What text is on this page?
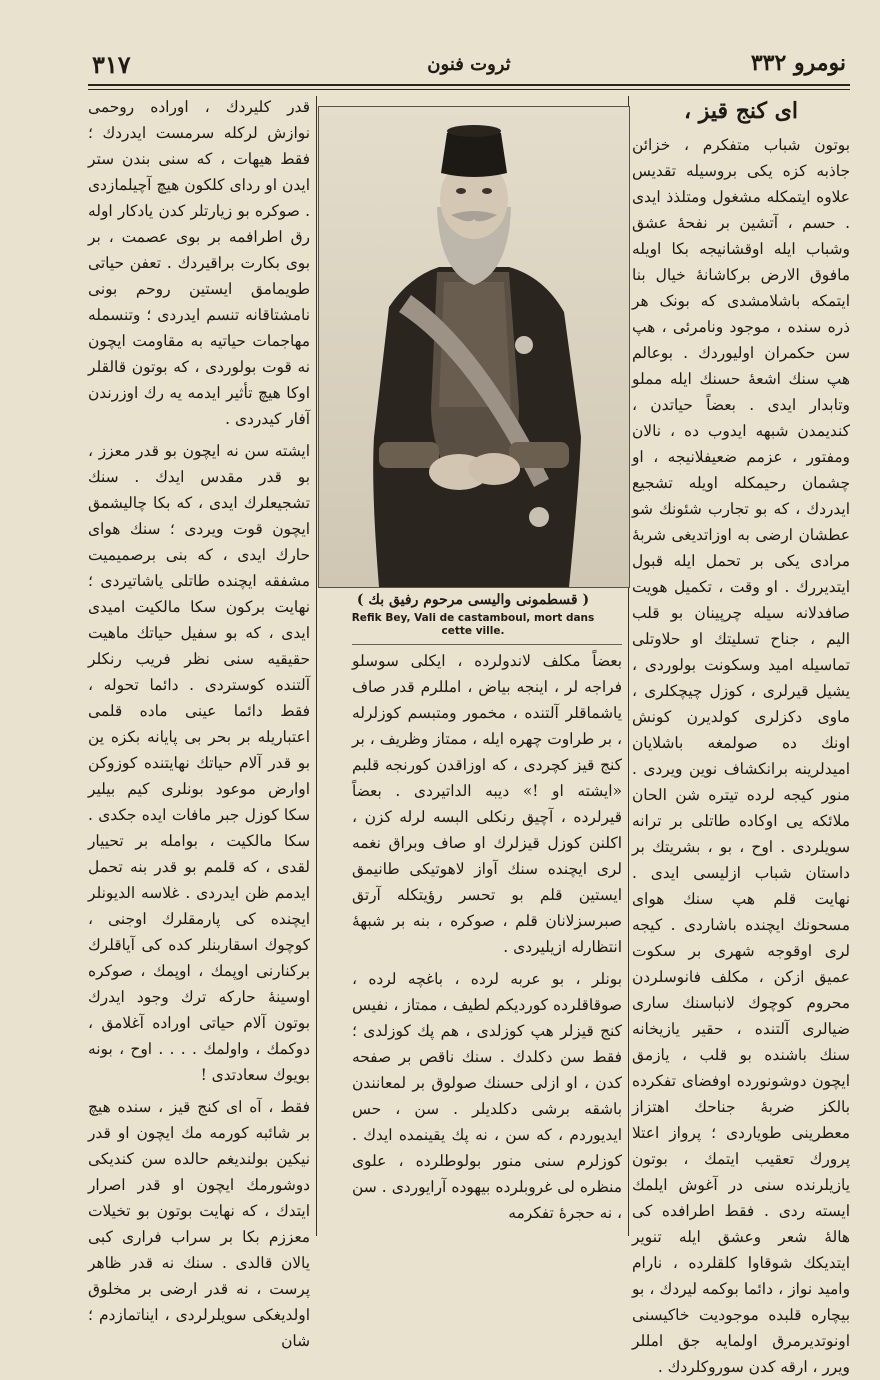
نومرو ۳۳۲
ثروت فنون
۳۱۷
ای کنج قیز ،

بوتون شباب متفکرم ، خزائن جاذبه کزه یکی بروسیله تقدیس علاوه ایتمکله مشغول ومتلذذ ایدی . حسم ، آتشین بر نفحهٔ عشق وشباب ایله اوقشانیجه بکا اویله مافوق الارض برکاشانهٔ خیال بنا ایتمکه باشلامشدی که بونک هر ذره سنده ، موجود ونامرئی ، هپ سن حکمران اولیوردك . بوعالم هپ سنك اشعهٔ حسنك ایله مملو وتابدار ایدی . بعضاً حیاتدن ، کندیمدن شبهه ایدوب ده ، نالان ومفتور ، عزمم ضعیفلانیجه ، او چشمان رحیمکله اویله تشجیع ایدردك ، که بو تجارب شئونك شو عطشان ارضی به اوزاتدیغی شربهٔ مرادی یکی بر تحمل ایله قبول ایتدیررك . او وقت ، تکمیل هویت صافدلانه سیله چرپینان بو قلب الیم ، جناح تسلیتك او حلاوتلی تماسیله امید وسکونت بولوردی ، یشیل قیرلری ، کوزل چیچکلری ، ماوی دکزلری کولدیرن کونش اونك ده صولمغه باشلایان امیدلرینه برانکشاف نوین ویردی . منور کیجه لرده تیتره شن الحان ملائکه یی اوکاده طاتلی بر ترانه سویلردی . اوح ، بو ، بشریتك بر داستان شباب ازلیسی ایدی . نهایت قلم هپ سنك هوای مسحونك ایچنده باشاردی . کیجه لری اوقوجه شهری بر سکوت عمیق ازکن ، مکلف فانوسلردن محروم کوچوك لانباسنك ساری ضیالری آلتنده ، حقیر یازیخانه سنك باشنده بو قلب ، یازمق ایچون دوشونورده اوفضای تفکرده بالکز ضربهٔ جناحك اهتزاز معطرینی طویاردی ؛ پرواز اعتلا پرورك تعقیب ایتمك ، بوتون یازیلرنده سنی در آغوش ایلمك ایسته ردی . فقط اطرافده کی هالهٔ شعر وعشق ایله تنویر ایتدیکك شوقاوا کلقلرده ، نارام وامید نواز ، دائما بوکمه لیردك ، بو بیچاره قلبده موجودیت خاکیسنی اونوتدیرمرق اولمایه جق امللر ویرر ، ارقه کدن سوروکلردك .

( قسطمونی والیسی مرحوم رفیق بك )
Refik Bey, Vali de castamboul, mort dans
cette ville.

بعضاً مکلف لاندولرده ، ایکلی سوسلو فراجه لر ، اینجه بیاض ، امللرم قدر صاف یاشماقلر آلتنده ، مخمور ومتبسم کوزلرله ، بر طراوت چهره ایله ، ممتاز وظریف ، بر کنج قیز کچردی ، که اوزاقدن کورنجه قلبم «ایشته او !» دیبه الداتیردی . بعضاً قیرلرده ، آچیق رنکلی البسه لرله کزن ، اکلنن کوزل قیزلرك او صاف وبراق نغمه لری ایچنده سنك آواز لاهوتیکی طانیمق ایستین قلم بو تحسر رؤیتکله آرتق صبرسزلانان قلم ، صوکره ، بنه بر شبههٔ انتظارله ازیلیردی .

بونلر ، بو عربه لرده ، باغچه لرده ، صوقاقلرده کوردیکم لطیف ، ممتاز ، نفیس کنج قیزلر هپ کوزلدی ، هم پك کوزلدی ؛ فقط سن دکلدك . سنك ناقص بر صفحه کدن ، او ازلی حسنك صولوق بر لمعانندن باشقه برشی دکلدیلر . سن ، حس ایدیوردم ، که سن ، نه پك یقینمده ایدك . کوزلرم سنی منور بولوطلرده ، علوی منظره لی غروبلرده بیهوده آرایوردی . سن ، نه حجرهٔ تفکرمه

قدر کلیردك ، اوراده روحمی نوازش لرکله سرمست ایدردك ؛ فقط هیهات ، که سنی بندن ستر ایدن او ردای کلکون هیچ آچیلمازدی . صوکره بو زیارتلر کدن یادکار اوله رق اطرافمه بر بوی عصمت ، بر بوی بکارت براقیردك . تعفن حیاتی طویمامق ایستین روحم بونی نامشتاقانه تنسم ایدردی ؛ وتنسمله مهاجمات حیاتیه به مقاومت ایچون نه قوت بولوردی ، که بوتون قالقلر اوکا هیچ تأثیر ایدمه یه رك اوزرندن آفار کیدردی .

ایشته سن نه ایچون بو قدر معزز ، بو قدر مقدس ایدك . سنك تشجیعلرك ایدی ، که بکا چالیشمق ایچون قوت ویردی ؛ سنك هوای حارك ایدی ، که بنی برصمیمیت مشفقه ایچنده طاتلی یاشاتیردی ؛ نهایت برکون سکا مالکیت امیدی ایدی ، که بو سفیل حیاتك ماهیت حقیقیه سنی نظر فریب رنکلر آلتنده کوستردی . دائما تحوله ، فقط دائما عینی ماده قلمی اعتباریله بر بحر بی پایانه بکزه ین بو قدر آلام حیاتك نهایتنده کوزوکن اوارض موعود بونلری کیم بیلیر سکا کوزل جبر مافات ایده جکدی . سکا مالکیت ، بوامله بر تحییار لقدی ، که قلمم بو قدر بنه تحمل ایدمم ظن ایدردی . غلاسه الدیونلر ایچنده کی پارمقلرك اوجنی ، کوچوك اسقاربنلر کده کی آیاقلرك برکنارنی اوپمك ، اوپمك ، صوکره اوسینهٔ حارکه ترك وجود ایدرك بوتون آلام حیاتی اوراده آغلامق ، دوکمك ، واولمك . . . . اوح ، بونه بویوك سعادتدی !

فقط ، آه ای کنج قیز ، سنده هیچ بر شائبه کورمه مك ایچون او قدر نیکین بولندیغم حالده سن کندیکی دوشورمك ایچون او قدر اصرار ایتدك ، که نهایت بوتون بو تخیلات معززم بکا بر سراب فراری کبی یالان قالدی . سنك نه قدر ظاهر پرست ، نه قدر ارضی بر مخلوق اولدیغکی سویلرلردی ، ایناتمازدم ؛ شان
